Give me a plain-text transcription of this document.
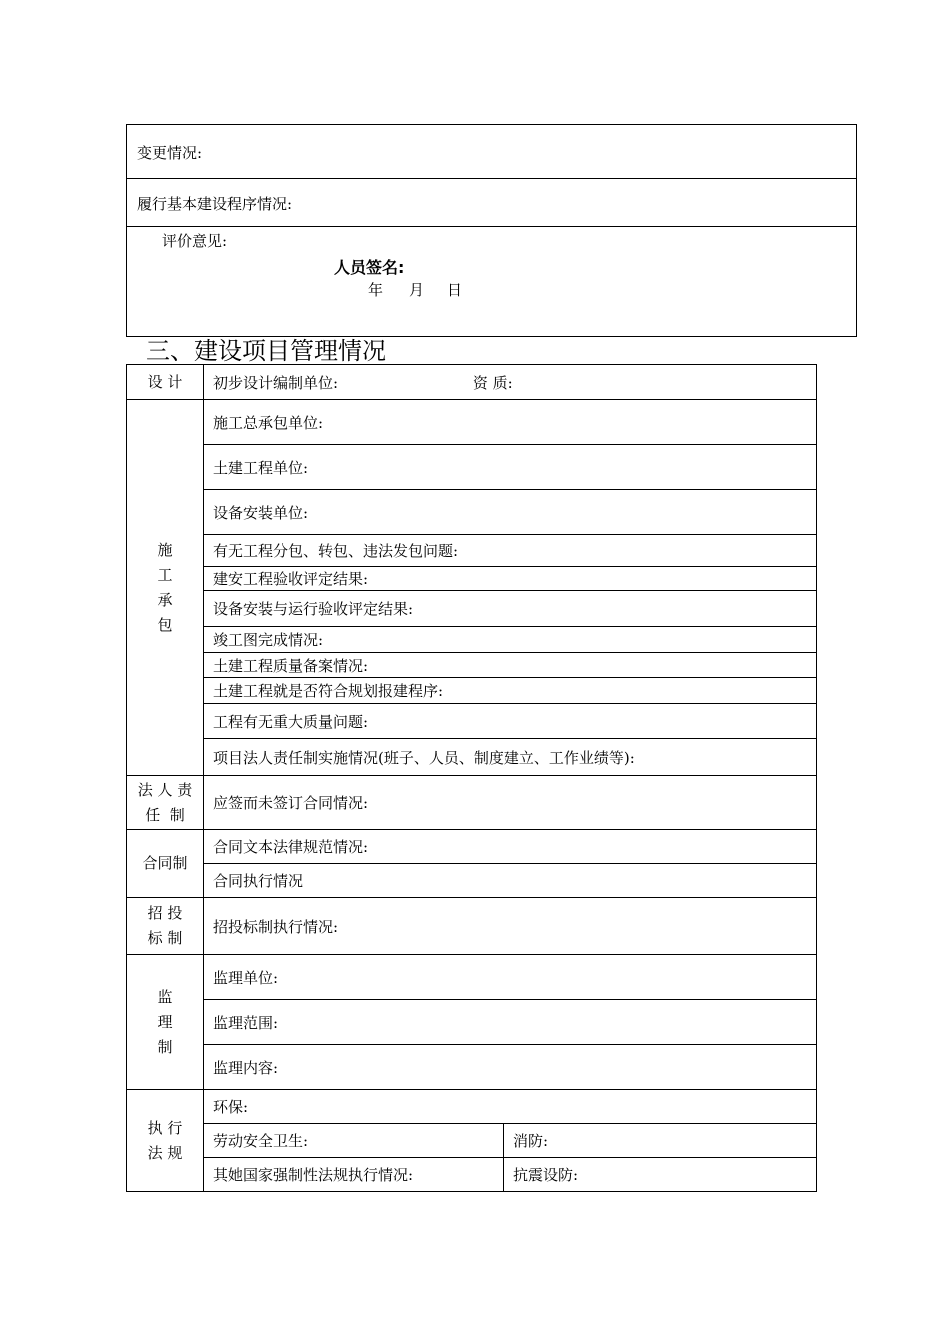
变更情况:
履行基本建设程序情况:
评价意见:
人员签名:
年 月 日
三、建设项目管理情况
设 计	初步设计编制单位: 资 质:	

施工承包	施工总承包单位:	
	土建工程单位:	
	设备安装单位:	
	有无工程分包、转包、违法发包问题:	
	建安工程验收评定结果:	
	设备安装与运行验收评定结果:	
	竣工图完成情况:	
	土建工程质量备案情况:	
	土建工程就是否符合规划报建程序:	
	工程有无重大质量问题:	
	项目法人责任制实施情况(班子、人员、制度建立、工作业绩等):	
法 人 责
任  制	应签而未签订合同情况:	
合同制	合同文本法律规范情况:	
	合同执行情况	
招 投
标 制	招投标制执行情况:	

监理制	监理单位:	
	监理范围:	
	监理内容:	
执 行
法 规	环保:	
	劳动安全卫生:	消防:
	其她国家强制性法规执行情况:	抗震设防:
